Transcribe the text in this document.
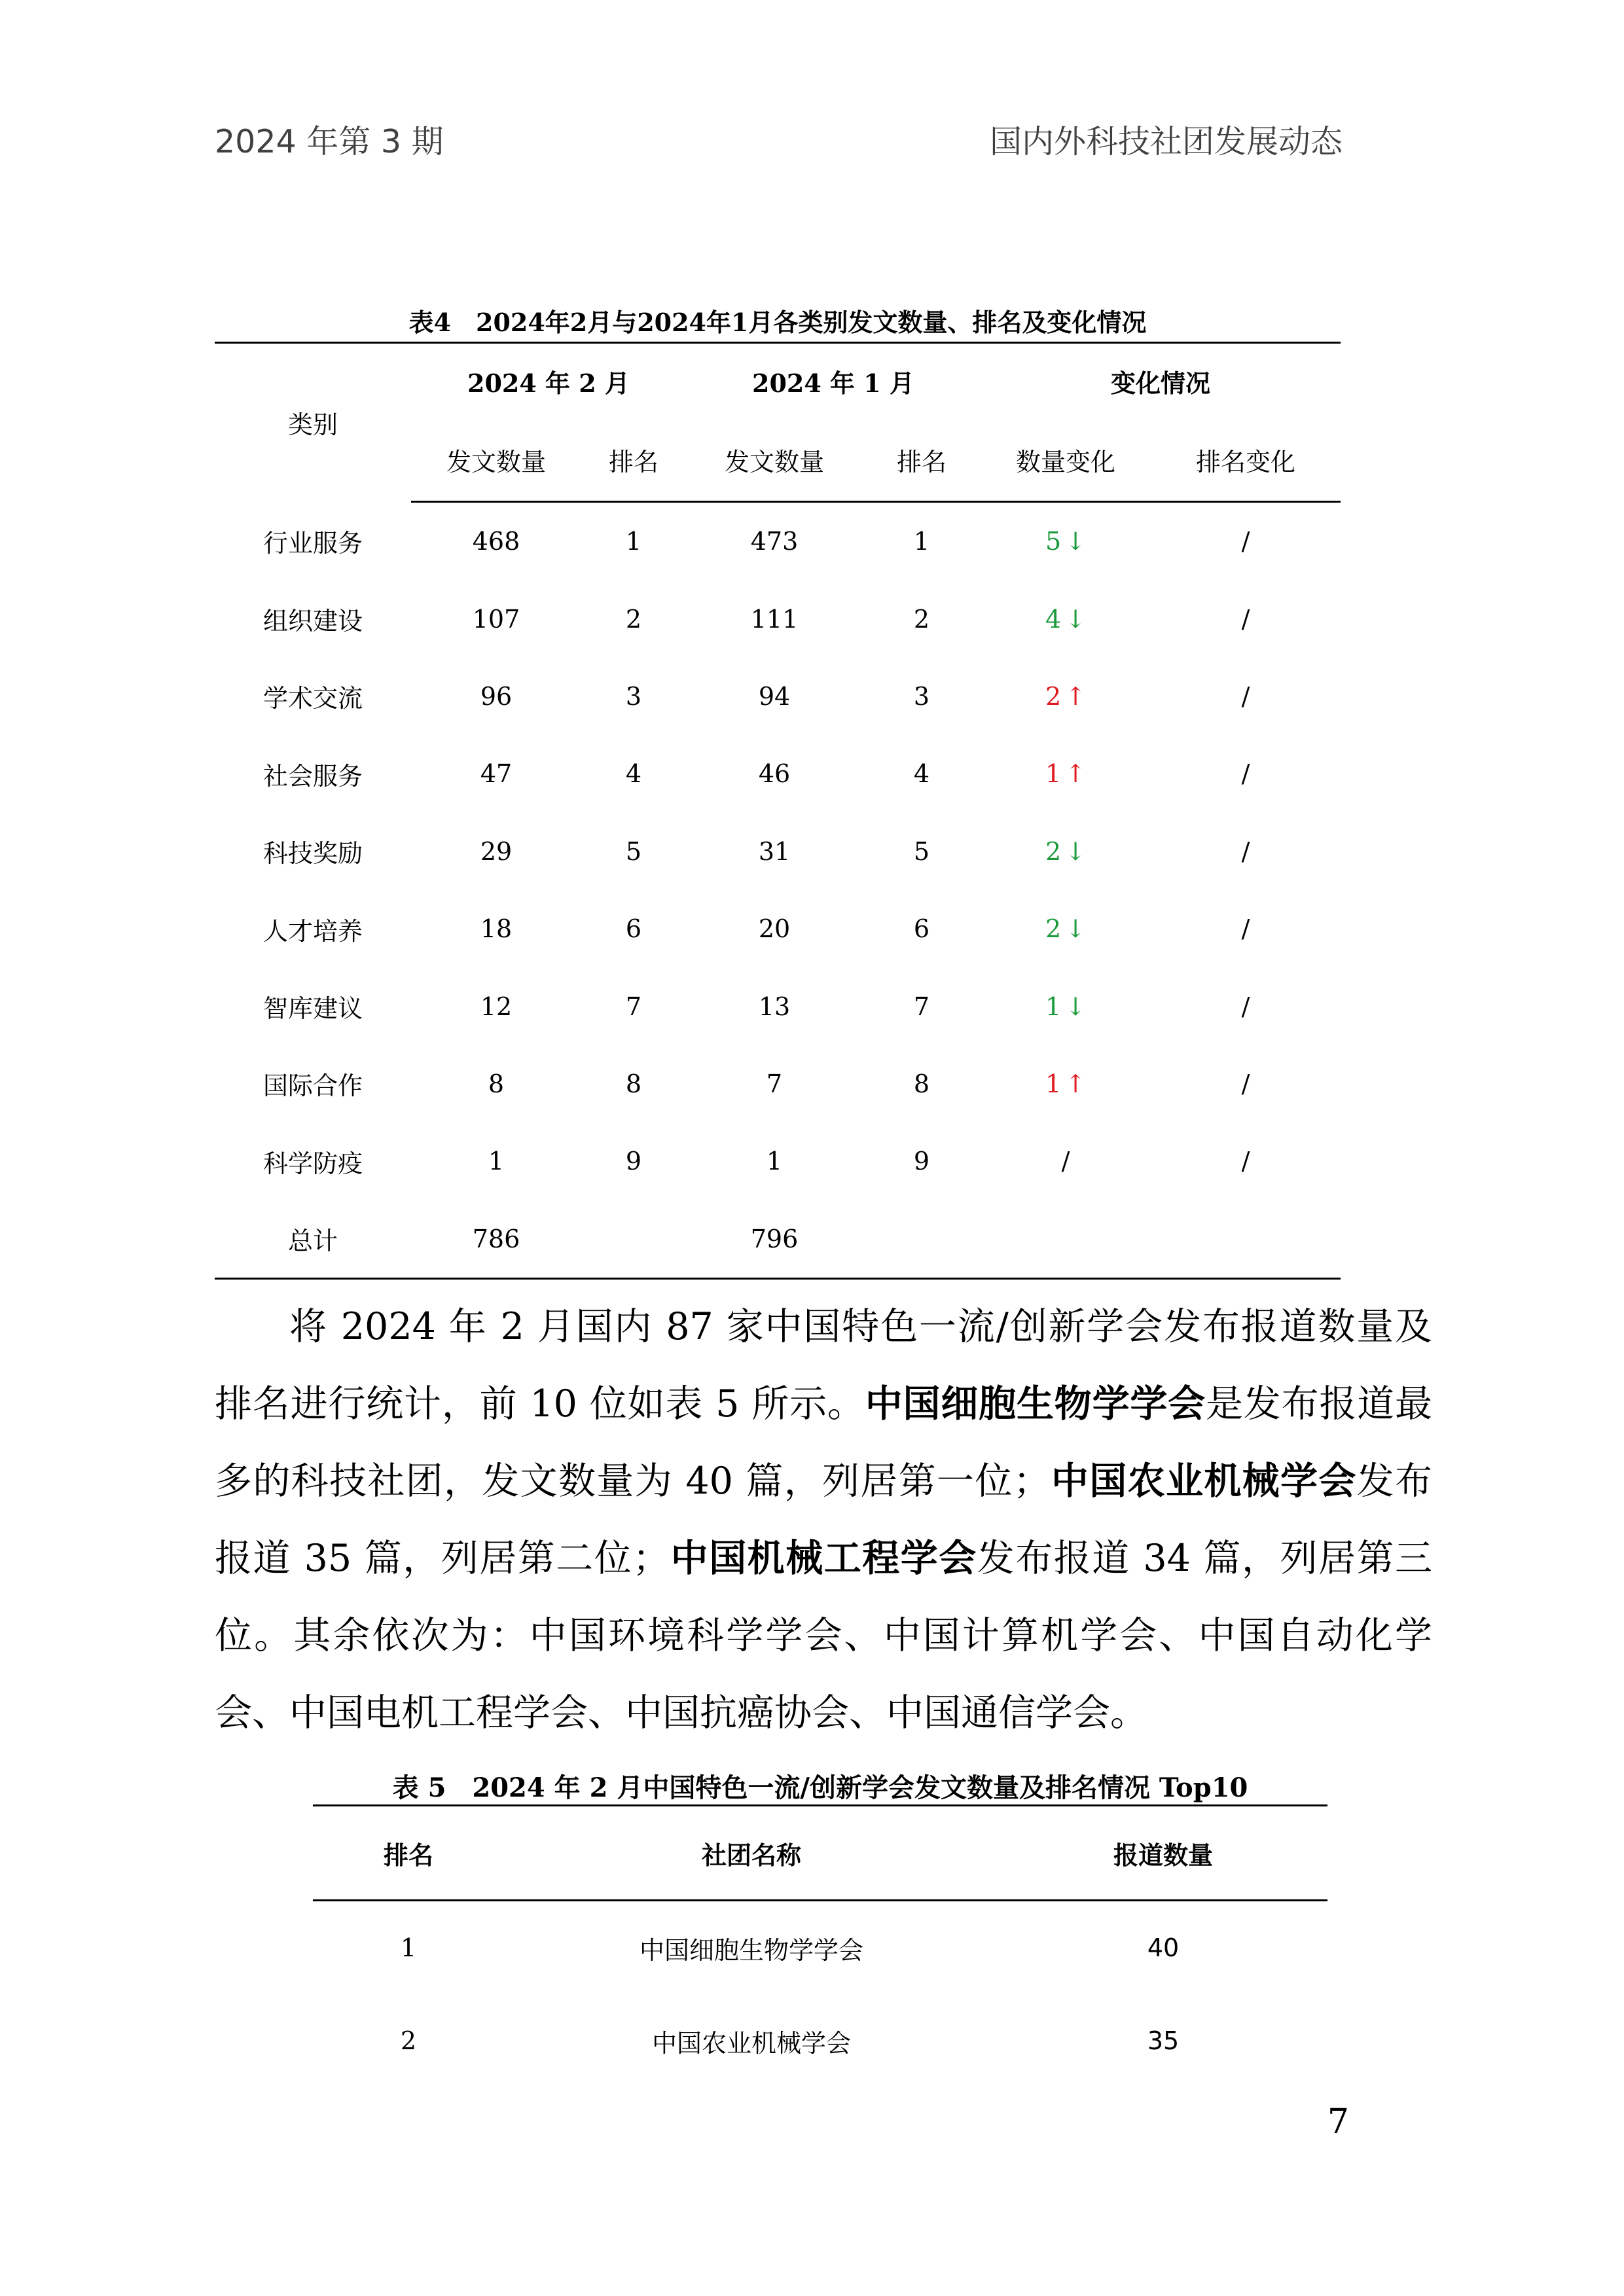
2024 年第 3 期	国内外科技社团发展动态
表4　2024年2月与2024年1月各类别发文数量、排名及变化情况
类别	2024 年 2 月		2024 年 1 月		变化情况	
	发文数量	排名	发文数量	排名	数量变化	排名变化
行业服务	468	1	473	1	5 ↓	/
组织建设	107	2	111	2	4 ↓	/
学术交流	96	3	94	3	2 ↑	/
社会服务	47	4	46	4	1 ↑	/
科技奖励	29	5	31	5	2 ↓	/
人才培养	18	6	20	6	2 ↓	/
智库建议	12	7	13	7	1 ↓	/
国际合作	8	8	7	8	1 ↑	/
科学防疫	1	9	1	9	/	/
总计	786		796			

将 2024 年 2 月国内 87 家中国特色一流/创新学会发布报道数量及排名进行统计，前 10 位如表 5 所示。中国细胞生物学学会是发布报道最多的科技社团，发文数量为 40 篇，列居第一位；中国农业机械学会发布报道 35 篇，列居第二位；中国机械工程学会发布报道 34 篇，列居第三位。其余依次为：中国环境科学学会、中国计算机学会、中国自动化学会、中国电机工程学会、中国抗癌协会、中国通信学会。

表 5　2024 年 2 月中国特色一流/创新学会发文数量及排名情况 Top10
排名	社团名称	报道数量
1	中国细胞生物学学会	40
2	中国农业机械学会	35
7
